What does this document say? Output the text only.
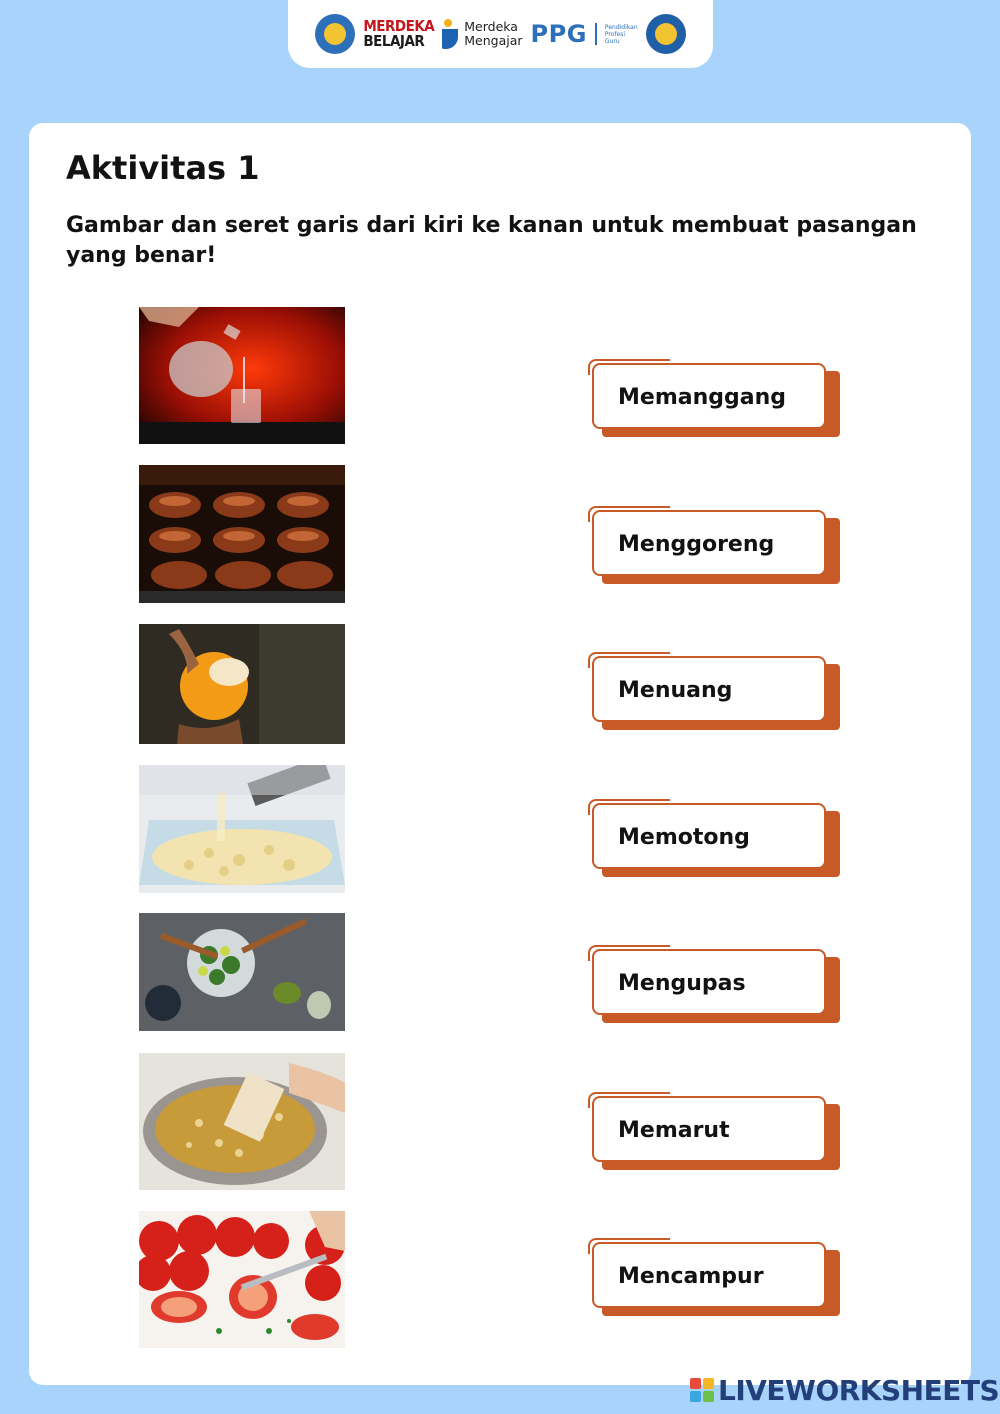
MERDEKA
BELAJAR
Merdeka
Mengajar PPG	Pendidikan
Profesi
Guru
Aktivitas 1

Gambar dan seret garis dari kiri ke kanan untuk membuat pasangan yang benar!

Memanggang
Menggoreng
Menuang
Memotong
Mengupas
Memarut
Mencampur
LIVEWORKSHEETS
